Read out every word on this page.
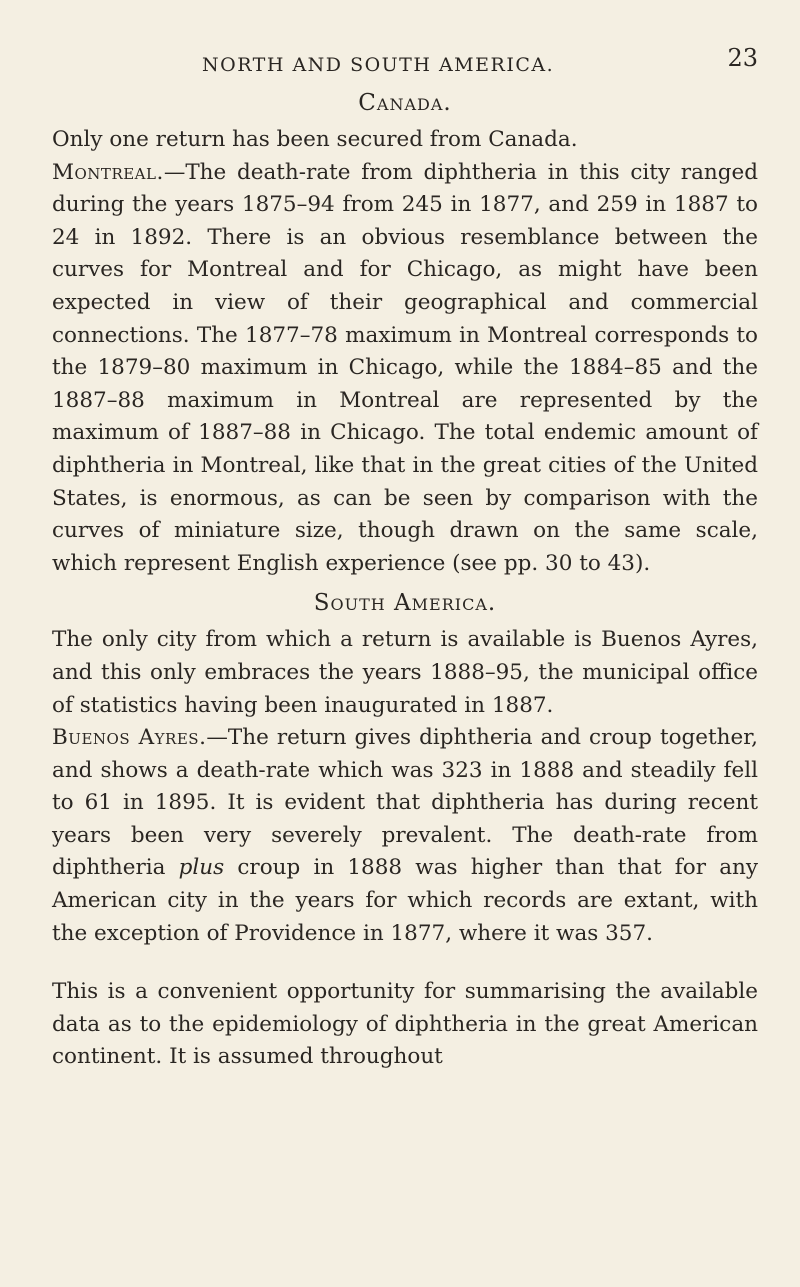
NORTH AND SOUTH AMERICA.	23
Canada.

Only one return has been secured from Canada.

Montreal.—The death-rate from diphtheria in this city ranged during the years 1875–94 from 245 in 1877, and 259 in 1887 to 24 in 1892. There is an obvious resemblance between the curves for Montreal and for Chicago, as might have been expected in view of their geographical and commercial connections. The 1877–78 maximum in Montreal corresponds to the 1879–80 maximum in Chicago, while the 1884–85 and the 1887–88 maximum in Montreal are represented by the maximum of 1887–88 in Chicago. The total endemic amount of diphtheria in Montreal, like that in the great cities of the United States, is enormous, as can be seen by comparison with the curves of miniature size, though drawn on the same scale, which represent English experience (see pp. 30 to 43).

South America.

The only city from which a return is available is Buenos Ayres, and this only embraces the years 1888–95, the municipal office of statistics having been inaugurated in 1887.

Buenos Ayres.—The return gives diphtheria and croup together, and shows a death-rate which was 323 in 1888 and steadily fell to 61 in 1895. It is evident that diphtheria has during recent years been very severely prevalent. The death-rate from diphtheria plus croup in 1888 was higher than that for any American city in the years for which records are extant, with the exception of Providence in 1877, where it was 357.

This is a convenient opportunity for summarising the available data as to the epidemiology of diphtheria in the great American continent. It is assumed throughout
